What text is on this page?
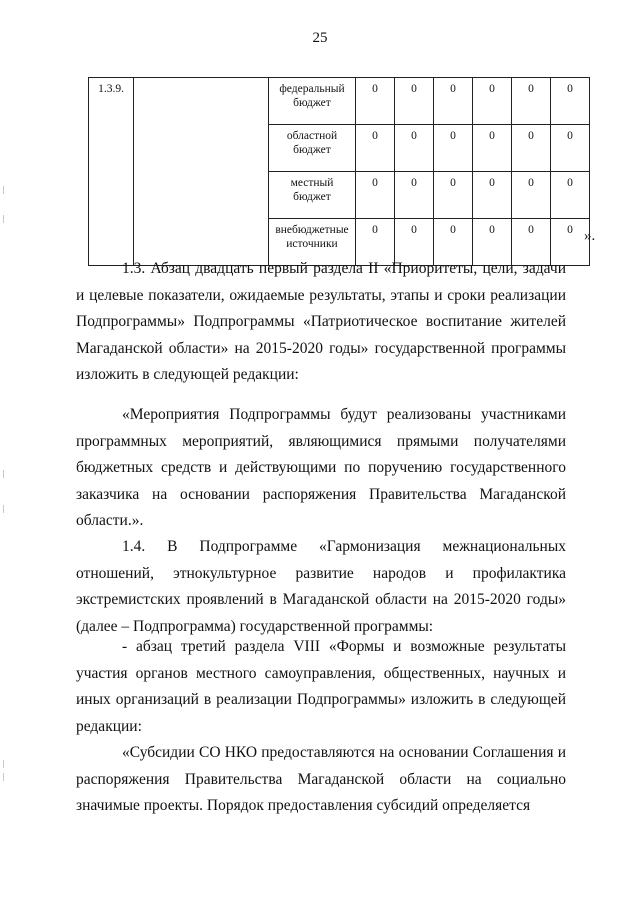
25
1.3.9.		федеральный бюджет	0	0	0	0	0	0
		областной бюджет	0	0	0	0	0	0
		местный бюджет	0	0	0	0	0	0
		внебюджетные источники	0	0	0	0	0	0 ».

1.3. Абзац двадцать первый раздела II «Приоритеты, цели, задачи и целевые показатели, ожидаемые результаты, этапы и сроки реализации Подпрограммы» Подпрограммы «Патриотическое воспитание жителей Магаданской области» на 2015-2020 годы» государственной программы изложить в следующей редакции:

«Мероприятия Подпрограммы будут реализованы участниками программных мероприятий, являющимися прямыми получателями бюджетных средств и действующими по поручению государственного заказчика на основании распоряжения Правительства Магаданской области.».

1.4. В Подпрограмме «Гармонизация межнациональных отношений, этнокультурное развитие народов и профилактика экстремистских проявлений в Магаданской области на 2015-2020 годы» (далее – Подпрограмма) государственной программы:

- абзац третий раздела VIII «Формы и возможные результаты участия органов местного самоуправления, общественных, научных и иных организаций в реализации Подпрограммы» изложить в следующей редакции:

«Субсидии СО НКО предоставляются на основании Соглашения и распоряжения Правительства Магаданской области на социально значимые проекты. Порядок предоставления субсидий определяется
